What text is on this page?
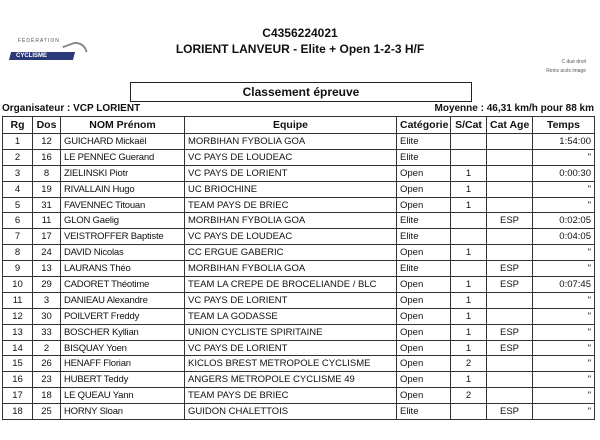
FÉDÉRATION
CYCLISME
C4356224021
LORIENT LANVEUR - Elite + Open 1-2-3 H/F
C dué droit
Reins acés image
Classement épreuve
Organisateur : VCP LORIENT	Moyenne : 46,31 km/h pour 88 km
Rg	Dos	NOM Prénom	Equipe	Catégorie	S/Cat	Cat Age	Temps
1	12	GUICHARD Mickaël	MORBIHAN FYBOLIA GOA	Elite			1:54:00
2	16	LE PENNEC Guerand	VC PAYS DE LOUDEAC	Elite			"
3	8	ZIELINSKI Piotr	VC PAYS DE LORIENT	Open	1		0:00:30
4	19	RIVALLAIN Hugo	UC BRIOCHINE	Open	1		"
5	31	FAVENNEC Titouan	TEAM PAYS DE BRIEC	Open	1		"
6	11	GLON Gaelig	MORBIHAN FYBOLIA GOA	Elite		ESP	0:02:05
7	17	VEISTROFFER Baptiste	VC PAYS DE LOUDEAC	Elite			0:04:05
8	24	DAVID Nicolas	CC ERGUE GABERIC	Open	1		"
9	13	LAURANS Théo	MORBIHAN FYBOLIA GOA	Elite		ESP	"
10	29	CADORET Théotime	TEAM LA CREPE DE BROCELIANDE / BLC	Open	1	ESP	0:07:45
11	3	DANIEAU Alexandre	VC PAYS DE LORIENT	Open	1		"
12	30	POILVERT Freddy	TEAM LA GODASSE	Open	1		"
13	33	BOSCHER Kyllian	UNION CYCLISTE SPIRITAINE	Open	1	ESP	"
14	2	BISQUAY Yoen	VC PAYS DE LORIENT	Open	1	ESP	"
15	26	HENAFF Florian	KICLOS BREST METROPOLE CYCLISME	Open	2		"
16	23	HUBERT Teddy	ANGERS METROPOLE CYCLISME 49	Open	1		"
17	18	LE QUEAU Yann	TEAM PAYS DE BRIEC	Open	2		"
18	25	HORNY Sloan	GUIDON CHALETTOIS	Elite		ESP	"
